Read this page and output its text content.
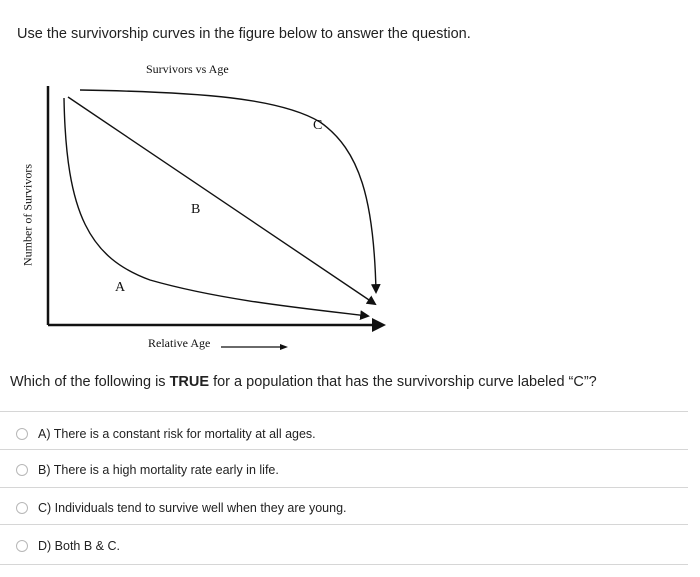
Use the survivorship curves in the figure below to answer the question.
Survivors vs Age
Number of Survivors
Relative Age
A
B
C
Which of the following is TRUE for a population that has the survivorship curve labeled “C”?
A) There is a constant risk for mortality at all ages.
B) There is a high mortality rate early in life.
C) Individuals tend to survive well when they are young.
D) Both B & C.
